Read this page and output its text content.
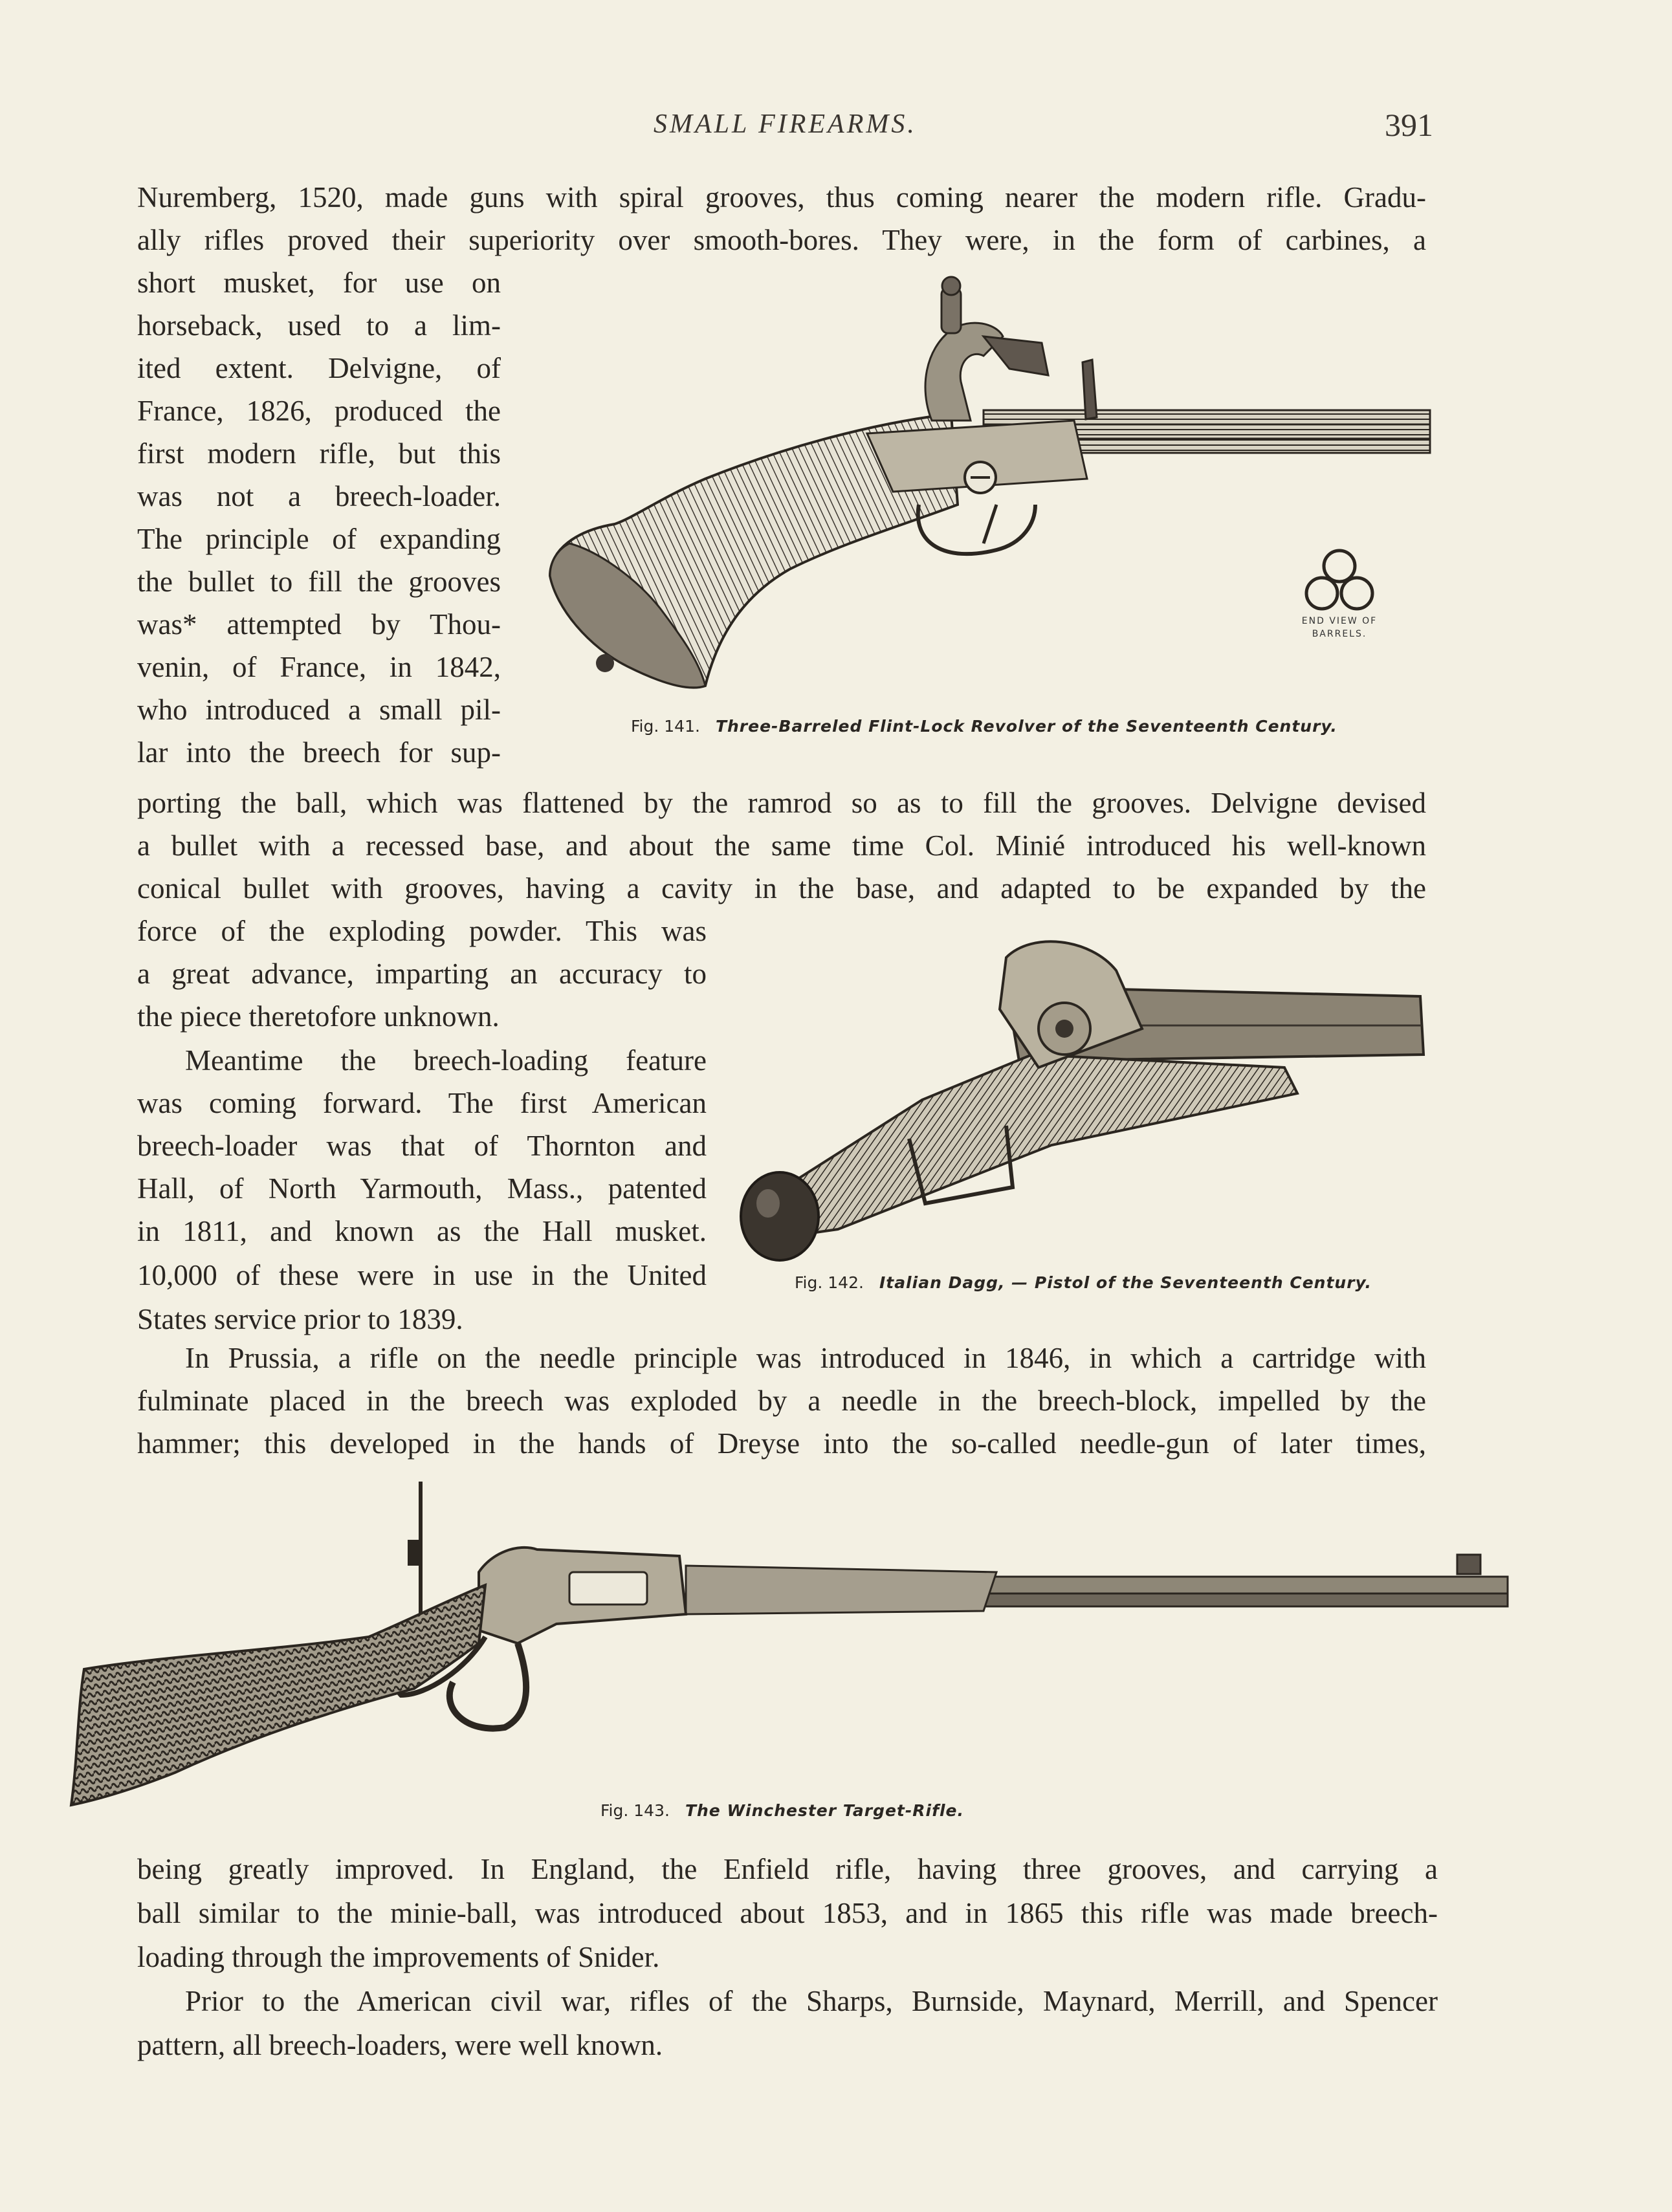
SMALL FIREARMS.	391
Nuremberg, 1520, made guns with spiral grooves, thus coming nearer the modern rifle. Gradu-
ally rifles proved their superiority over smooth-bores. They were, in the form of carbines, a
short musket, for use on
horseback, used to a lim-
ited extent. Delvigne, of
France, 1826, produced the
first modern rifle, but this
was not a breech-loader.
The principle of expanding
the bullet to fill the grooves
was* attempted by Thou-
venin, of France, in 1842,
who introduced a small pil-
lar into the breech for sup-
porting the ball, which was flattened by the ramrod so as to fill the grooves. Delvigne devised
a bullet with a recessed base, and about the same time Col. Minié introduced his well-known
conical bullet with grooves, having a cavity in the base, and adapted to be expanded by the
force of the exploding powder. This was
a great advance, imparting an accuracy to
the piece theretofore unknown.
Meantime the breech-loading feature
was coming forward. The first American
breech-loader was that of Thornton and
Hall, of North Yarmouth, Mass., patented
in 1811, and known as the Hall musket.
10,000 of these were in use in the United
States service prior to 1839.
In Prussia, a rifle on the needle principle was introduced in 1846, in which a cartridge with
fulminate placed in the breech was exploded by a needle in the breech-block, impelled by the
hammer; this developed in the hands of Dreyse into the so-called needle-gun of later times,
being greatly improved. In England, the Enfield rifle, having three grooves, and carrying a
ball similar to the minie-ball, was introduced about 1853, and in 1865 this rifle was made breech-
loading through the improvements of Snider.
Prior to the American civil war, rifles of the Sharps, Burnside, Maynard, Merrill, and Spencer
pattern, all breech-loaders, were well known.
END VIEW OF
BARRELS.
Fig. 141. Three-Barreled Flint-Lock Revolver of the Seventeenth Century.
Fig. 142. Italian Dagg, — Pistol of the Seventeenth Century.
Fig. 143. The Winchester Target-Rifle.
